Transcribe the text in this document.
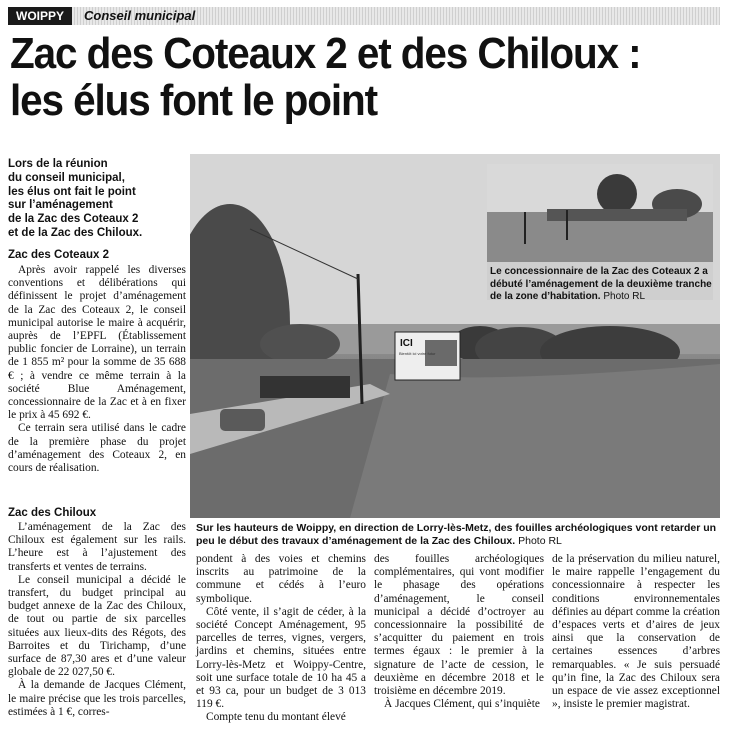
WOIPPY	Conseil municipal
Zac des Coteaux 2 et des Chiloux :
les élus font le point
Lors de la réunion
du conseil municipal,
les élus ont fait le point
sur l’aménagement
de la Zac des Coteaux 2
et de la Zac des Chiloux.
Zac des Coteaux 2

Après avoir rappelé les diverses conventions et délibérations qui définissent le projet d’aménagement de la Zac des Coteaux 2, le conseil municipal autorise le maire à acquérir, auprès de l’EPFL (Établissement public foncier de Lorraine), un terrain de 1 855 m² pour la somme de 35 688 € ; à vendre ce même terrain à la société Blue Aménagement, concessionnaire de la Zac et à en fixer le prix à 45 692 €.

Ce terrain sera utilisé dans le cadre de la première phase du projet d’aménagement des Coteaux 2, en cours de réalisation.

Zac des Chiloux

L’aménagement de la Zac des Chiloux est également sur les rails. L’heure est à l’ajustement des transferts et ventes de terrains.

Le conseil municipal a décidé le transfert, du budget principal au budget annexe de la Zac des Chiloux, de tout ou partie de six parcelles situées aux lieux-dits des Régots, des Barroites et du Tirichamp, d’une surface de 87,30 ares et d’une valeur globale de 22 027,50 €.

À la demande de Jacques Clément, le maire précise que les trois parcelles, estimées à 1 €, corres-

ICI
Bientôt ici votre futur
Le concessionnaire de la Zac des Coteaux 2 a débuté l’aménagement de la deuxième tranche de la zone d’habitation. Photo RL
Sur les hauteurs de Woippy, en direction de Lorry-lès-Metz, des fouilles archéologiques vont retarder un peu le début des travaux d’aménagement de la Zac des Chiloux. Photo RL

pondent à des voies et chemins inscrits au patrimoine de la commune et cédés à l’euro symbolique.

Côté vente, il s’agit de céder, à la société Concept Aménagement, 95 parcelles de terres, vignes, vergers, jardins et chemins, situées entre Lorry-lès-Metz et Woippy-Centre, soit une surface totale de 10 ha 45 a et 93 ca, pour un budget de 3 013 119 €.

Compte tenu du montant élevé

des fouilles archéologiques complémentaires, qui vont modifier le phasage des opérations d’aménagement, le conseil municipal a décidé d’octroyer au concessionnaire la possibilité de s’acquitter du paiement en trois termes égaux : le premier à la signature de l’acte de cession, le deuxième en décembre 2018 et le troisième en décembre 2019.

À Jacques Clément, qui s’inquiète

de la préservation du milieu naturel, le maire rappelle l’engagement du concessionnaire à respecter les conditions environnementales définies au départ comme la création d’espaces verts et d’aires de jeux ainsi que la conservation de certaines essences d’arbres remarquables. « Je suis persuadé qu’in fine, la Zac des Chiloux sera un espace de vie assez exceptionnel », insiste le premier magistrat.
